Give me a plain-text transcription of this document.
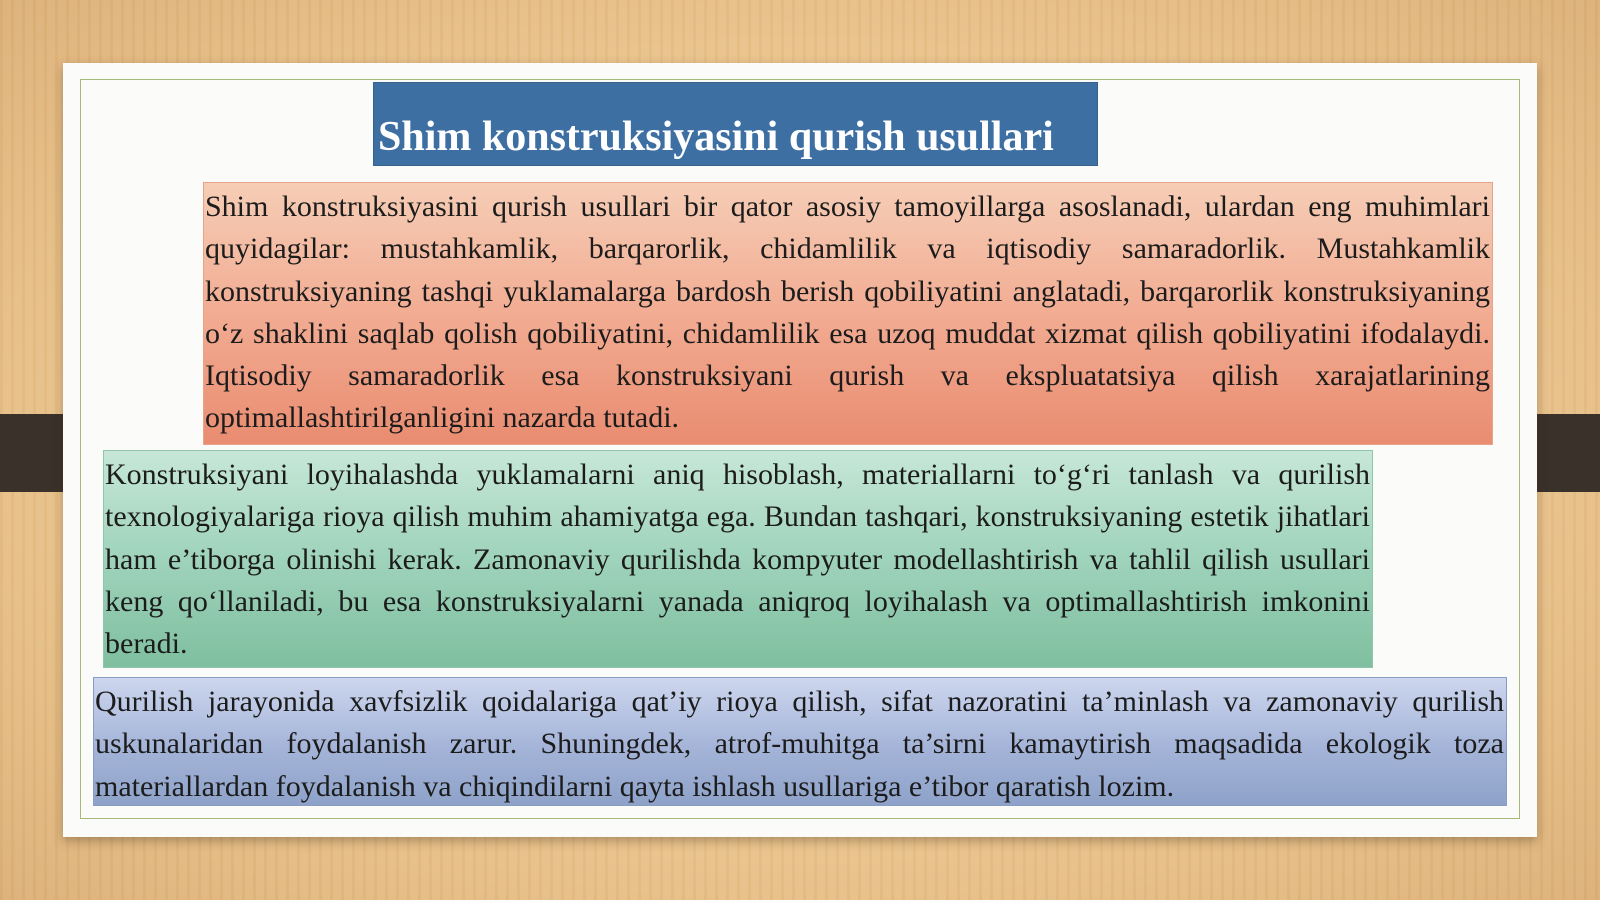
Shim konstruksiyasini qurish usullari

Shim konstruksiyasini qurish usullari bir qator asosiy tamoyillarga asoslanadi, ulardan eng muhimlari quyidagilar: mustahkamlik, barqarorlik, chidamlilik va iqtisodiy samaradorlik. Mustahkamlik konstruksiyaning tashqi yuklamalarga bardosh berish qobiliyatini anglatadi, barqarorlik konstruksiyaning o‘z shaklini saqlab qolish qobiliyatini, chidamlilik esa uzoq muddat xizmat qilish qobiliyatini ifodalaydi. Iqtisodiy samaradorlik esa konstruksiyani qurish va ekspluatatsiya qilish xarajatlarining optimallashtirilganligini nazarda tutadi.

Konstruksiyani loyihalashda yuklamalarni aniq hisoblash, materiallarni to‘g‘ri tanlash va qurilish texnologiyalariga rioya qilish muhim ahamiyatga ega. Bundan tashqari, konstruksiyaning estetik jihatlari ham e’tiborga olinishi kerak. Zamonaviy qurilishda kompyuter modellashtirish va tahlil qilish usullari keng qo‘llaniladi, bu esa konstruksiyalarni yanada aniqroq loyihalash va optimallashtirish imkonini beradi.

Qurilish jarayonida xavfsizlik qoidalariga qat’iy rioya qilish, sifat nazoratini ta’minlash va zamonaviy qurilish uskunalaridan foydalanish zarur. Shuningdek, atrof-muhitga ta’sirni kamaytirish maqsadida ekologik toza materiallardan foydalanish va chiqindilarni qayta ishlash usullariga e’tibor qaratish lozim.
